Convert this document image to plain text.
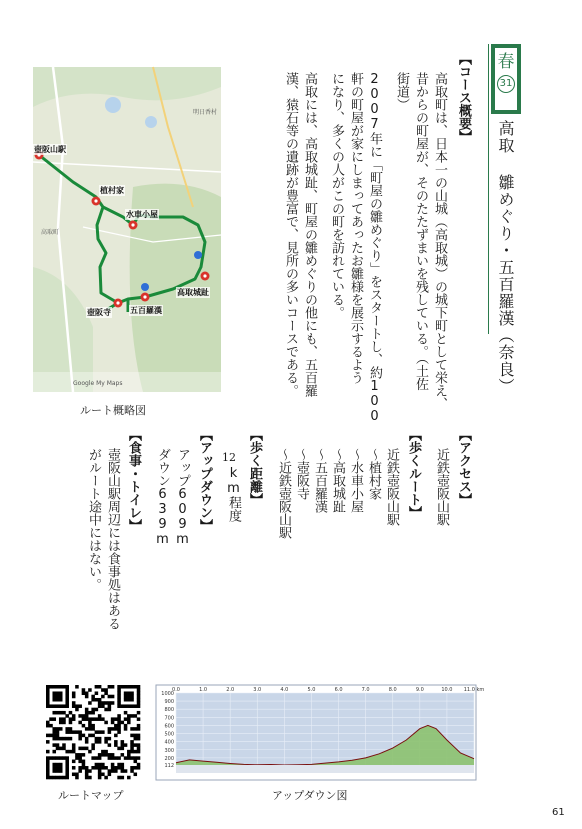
春
31
高取 雛めぐり・五百羅漢（奈良）
【コース概要】
高取町は、日本一の山城（高取城）の城下町として栄え、
昔からの町屋が、そのたたずまいを残している。（土佐
街道）
2007年に「町屋の雛めぐり」をスタートし、約100
軒の町屋が家にしまってあったお雛様を展示するよう
になり、多くの人がこの町を訪れている。
高取には、高取城趾、町屋の雛めぐりの他にも、五百羅
漢、猿石等の遺跡が豊富で、見所の多いコースである。
【アクセス】
近鉄壺阪山駅
【歩くルート】
近鉄壺阪山駅
～植村家
～水車小屋
～高取城趾
～五百羅漢
～壺阪寺
～近鉄壺阪山駅
【歩く距離】
12
km程度
【アップダウン】
アップ609m
ダウン639m
【食事・トイレ】
壺阪山駅周辺には食事処はある
がルート途中にはない。
壺阪山駅
植村家
水車小屋
高取城趾
五百羅漢
壺阪寺
明日香村
高取町
Google My Maps
ルート概略図
ルートマップ
1000
900
800
700
600
500
400
300
200
112
0.0	1.0	2.0	3.0	4.0	5.0	6.0	7.0	8.0	9.0	10.0 11.0 km
アップダウン図
61
